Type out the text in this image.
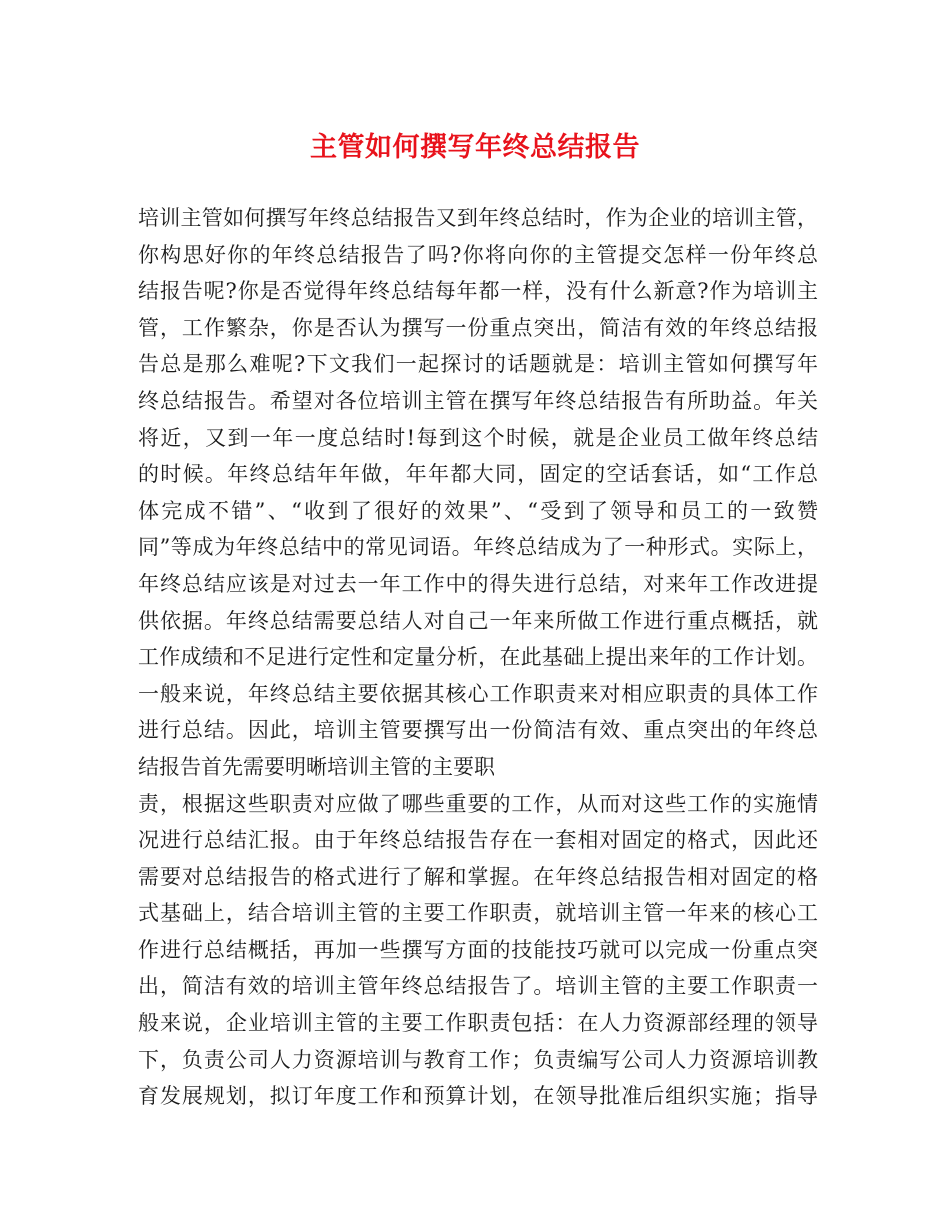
主管如何撰写年终总结报告
培训主管如何撰写年终总结报告又到年终总结时，作为企业的培训主管，
你构思好你的年终总结报告了吗?你将向你的主管提交怎样一份年终总
结报告呢?你是否觉得年终总结每年都一样，没有什么新意?作为培训主
管，工作繁杂，你是否认为撰写一份重点突出，简洁有效的年终总结报
告总是那么难呢?下文我们一起探讨的话题就是：培训主管如何撰写年
终总结报告。希望对各位培训主管在撰写年终总结报告有所助益。年关
将近，又到一年一度总结时!每到这个时候，就是企业员工做年终总结
的时候。年终总结年年做，年年都大同，固定的空话套话，如“工作总
体完成不错”、“收到了很好的效果”、“受到了领导和员工的一致赞
同”等成为年终总结中的常见词语。年终总结成为了一种形式。实际上，
年终总结应该是对过去一年工作中的得失进行总结，对来年工作改进提
供依据。年终总结需要总结人对自己一年来所做工作进行重点概括，就
工作成绩和不足进行定性和定量分析，在此基础上提出来年的工作计划。
一般来说，年终总结主要依据其核心工作职责来对相应职责的具体工作
进行总结。因此，培训主管要撰写出一份简洁有效、重点突出的年终总
结报告首先需要明晰培训主管的主要职
责，根据这些职责对应做了哪些重要的工作，从而对这些工作的实施情
况进行总结汇报。由于年终总结报告存在一套相对固定的格式，因此还
需要对总结报告的格式进行了解和掌握。在年终总结报告相对固定的格
式基础上，结合培训主管的主要工作职责，就培训主管一年来的核心工
作进行总结概括，再加一些撰写方面的技能技巧就可以完成一份重点突
出，简洁有效的培训主管年终总结报告了。培训主管的主要工作职责一
般来说，企业培训主管的主要工作职责包括：在人力资源部经理的领导
下，负责公司人力资源培训与教育工作；负责编写公司人力资源培训教
育发展规划，拟订年度工作和预算计划，在领导批准后组织实施；指导
